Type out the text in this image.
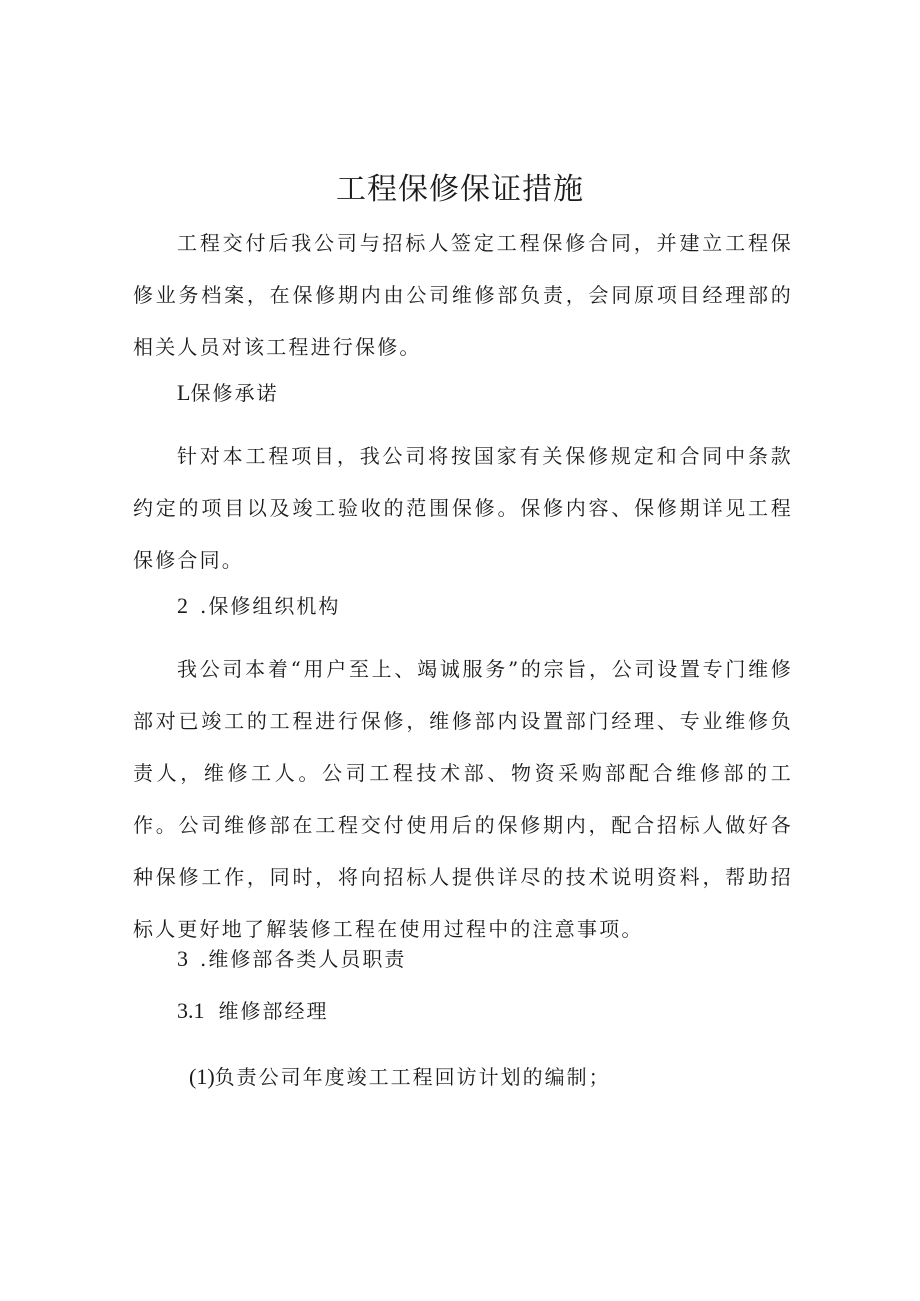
工程保修保证措施
工程交付后我公司与招标人签定工程保修合同，并建立工程保修业务档案，在保修期内由公司维修部负责，会同原项目经理部的相关人员对该工程进行保修。
L保修承诺
针对本工程项目，我公司将按国家有关保修规定和合同中条款约定的项目以及竣工验收的范围保修。保修内容、保修期详见工程保修合同。
2 .保修组织机构
我公司本着“用户至上、竭诚服务”的宗旨，公司设置专门维修部对已竣工的工程进行保修，维修部内设置部门经理、专业维修负责人，维修工人。公司工程技术部、物资采购部配合维修部的工作。公司维修部在工程交付使用后的保修期内，配合招标人做好各种保修工作，同时，将向招标人提供详尽的技术说明资料，帮助招标人更好地了解装修工程在使用过程中的注意事项。
3 .维修部各类人员职责
3.1 维修部经理
(1)负责公司年度竣工工程回访计划的编制；
